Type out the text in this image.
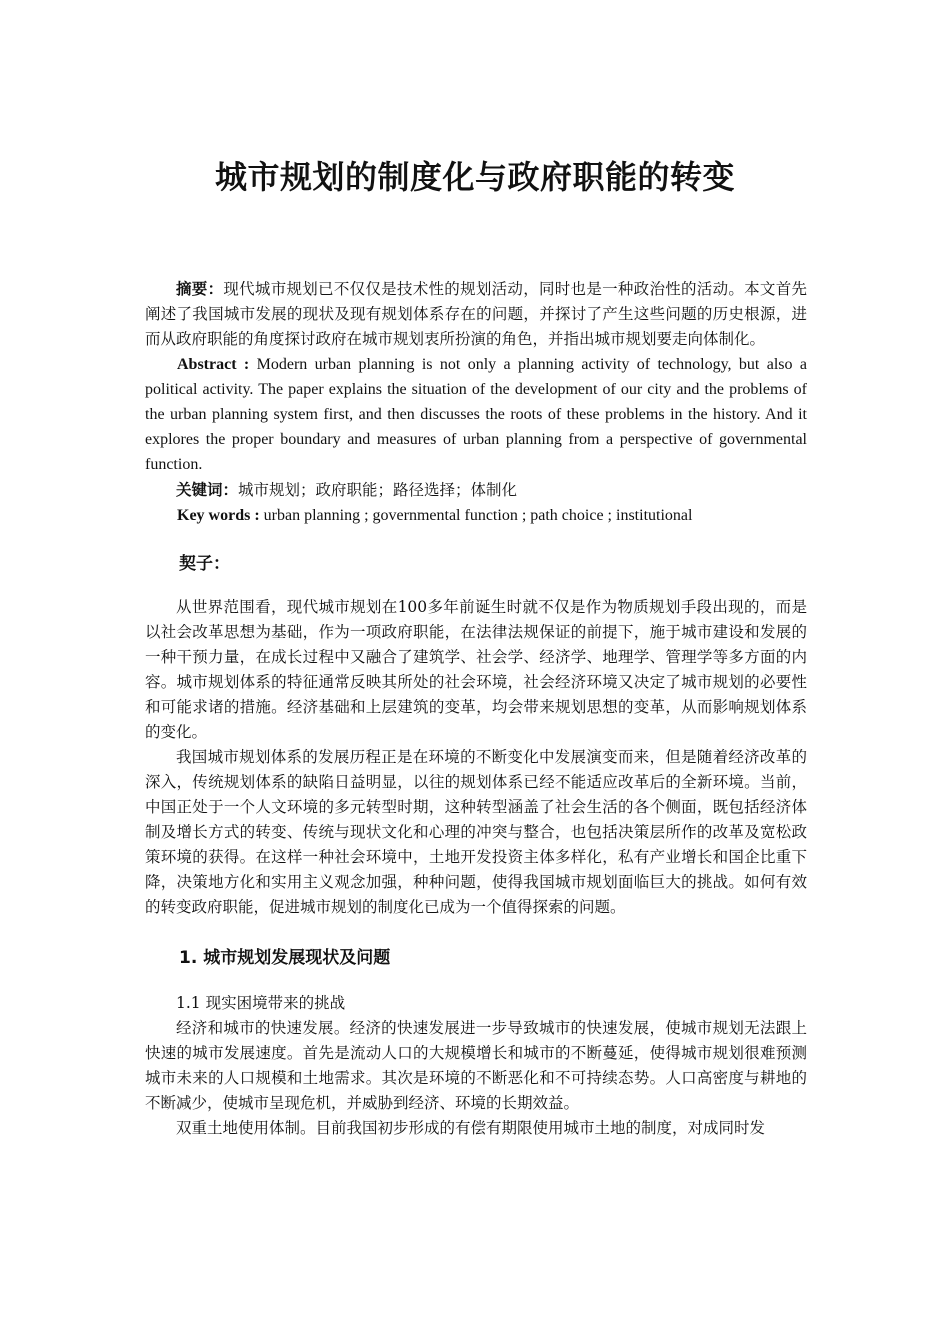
城市规划的制度化与政府职能的转变

摘要：现代城市规划已不仅仅是技术性的规划活动，同时也是一种政治性的活动。本文首先阐述了我国城市发展的现状及现有规划体系存在的问题，并探讨了产生这些问题的历史根源，进而从政府职能的角度探讨政府在城市规划衷所扮演的角色，并指出城市规划要走向体制化。

Abstract : Modern urban planning is not only a planning activity of technology, but also a political activity. The paper explains the situation of the development of our city and the problems of the urban planning system first, and then discusses the roots of these problems in the history. And it explores the proper boundary and measures of urban planning from a perspective of governmental function.

关键词：城市规划；政府职能；路径选择；体制化

Key words : urban planning ; governmental function ; path choice ; institutional

契子：

从世界范围看，现代城市规划在100多年前诞生时就不仅是作为物质规划手段出现的，而是以社会改革思想为基础，作为一项政府职能，在法律法规保证的前提下，施于城市建设和发展的一种干预力量，在成长过程中又融合了建筑学、社会学、经济学、地理学、管理学等多方面的内容。城市规划体系的特征通常反映其所处的社会环境，社会经济环境又决定了城市规划的必要性和可能求诸的措施。经济基础和上层建筑的变革，均会带来规划思想的变革，从而影响规划体系的变化。

我国城市规划体系的发展历程正是在环境的不断变化中发展演变而来，但是随着经济改革的深入，传统规划体系的缺陷日益明显，以往的规划体系已经不能适应改革后的全新环境。当前，中国正处于一个人文环境的多元转型时期，这种转型涵盖了社会生活的各个侧面，既包括经济体制及增长方式的转变、传统与现状文化和心理的冲突与整合，也包括决策层所作的改革及宽松政策环境的获得。在这样一种社会环境中，土地开发投资主体多样化，私有产业增长和国企比重下降，决策地方化和实用主义观念加强，种种问题，使得我国城市规划面临巨大的挑战。如何有效的转变政府职能，促进城市规划的制度化已成为一个值得探索的问题。

1. 城市规划发展现状及问题

1.1 现实困境带来的挑战

经济和城市的快速发展。经济的快速发展进一步导致城市的快速发展，使城市规划无法跟上快速的城市发展速度。首先是流动人口的大规模增长和城市的不断蔓延，使得城市规划很难预测城市未来的人口规模和土地需求。其次是环境的不断恶化和不可持续态势。人口高密度与耕地的不断减少，使城市呈现危机，并威胁到经济、环境的长期效益。

双重土地使用体制。目前我国初步形成的有偿有期限使用城市土地的制度，对成同时发
